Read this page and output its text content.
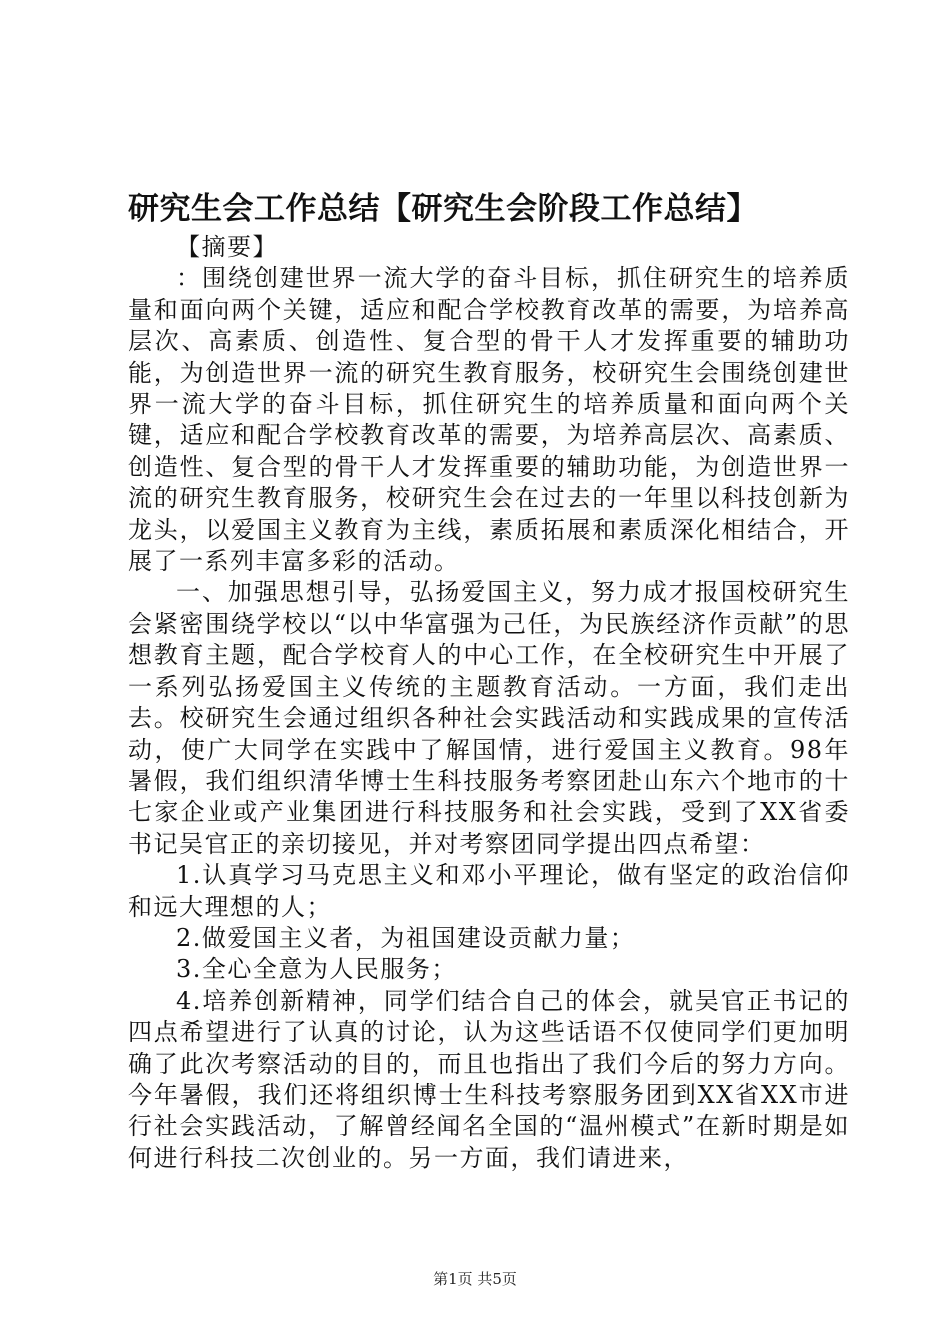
研究生会工作总结【研究生会阶段工作总结】

【摘要】

：围绕创建世界一流大学的奋斗目标，抓住研究生的培养质量和面向两个关键，适应和配合学校教育改革的需要，为培养高层次、高素质、创造性、复合型的骨干人才发挥重要的辅助功能，为创造世界一流的研究生教育服务，校研究生会围绕创建世界一流大学的奋斗目标，抓住研究生的培养质量和面向两个关键，适应和配合学校教育改革的需要，为培养高层次、高素质、创造性、复合型的骨干人才发挥重要的辅助功能，为创造世界一流的研究生教育服务，校研究生会在过去的一年里以科技创新为龙头，以爱国主义教育为主线，素质拓展和素质深化相结合，开展了一系列丰富多彩的活动。

一、加强思想引导，弘扬爱国主义，努力成才报国校研究生会紧密围绕学校以“以中华富强为己任，为民族经济作贡献”的思想教育主题，配合学校育人的中心工作，在全校研究生中开展了一系列弘扬爱国主义传统的主题教育活动。一方面，我们走出去。校研究生会通过组织各种社会实践活动和实践成果的宣传活动，使广大同学在实践中了解国情，进行爱国主义教育。98年暑假，我们组织清华博士生科技服务考察团赴山东六个地市的十七家企业或产业集团进行科技服务和社会实践，受到了XX省委书记吴官正的亲切接见，并对考察团同学提出四点希望：

1.认真学习马克思主义和邓小平理论，做有坚定的政治信仰和远大理想的人；

2.做爱国主义者，为祖国建设贡献力量；

3.全心全意为人民服务；

4.培养创新精神，同学们结合自己的体会，就吴官正书记的四点希望进行了认真的讨论，认为这些话语不仅使同学们更加明确了此次考察活动的目的，而且也指出了我们今后的努力方向。今年暑假，我们还将组织博士生科技考察服务团到XX省XX市进行社会实践活动，了解曾经闻名全国的“温州模式”在新时期是如何进行科技二次创业的。另一方面，我们请进来，

第1页 共5页
